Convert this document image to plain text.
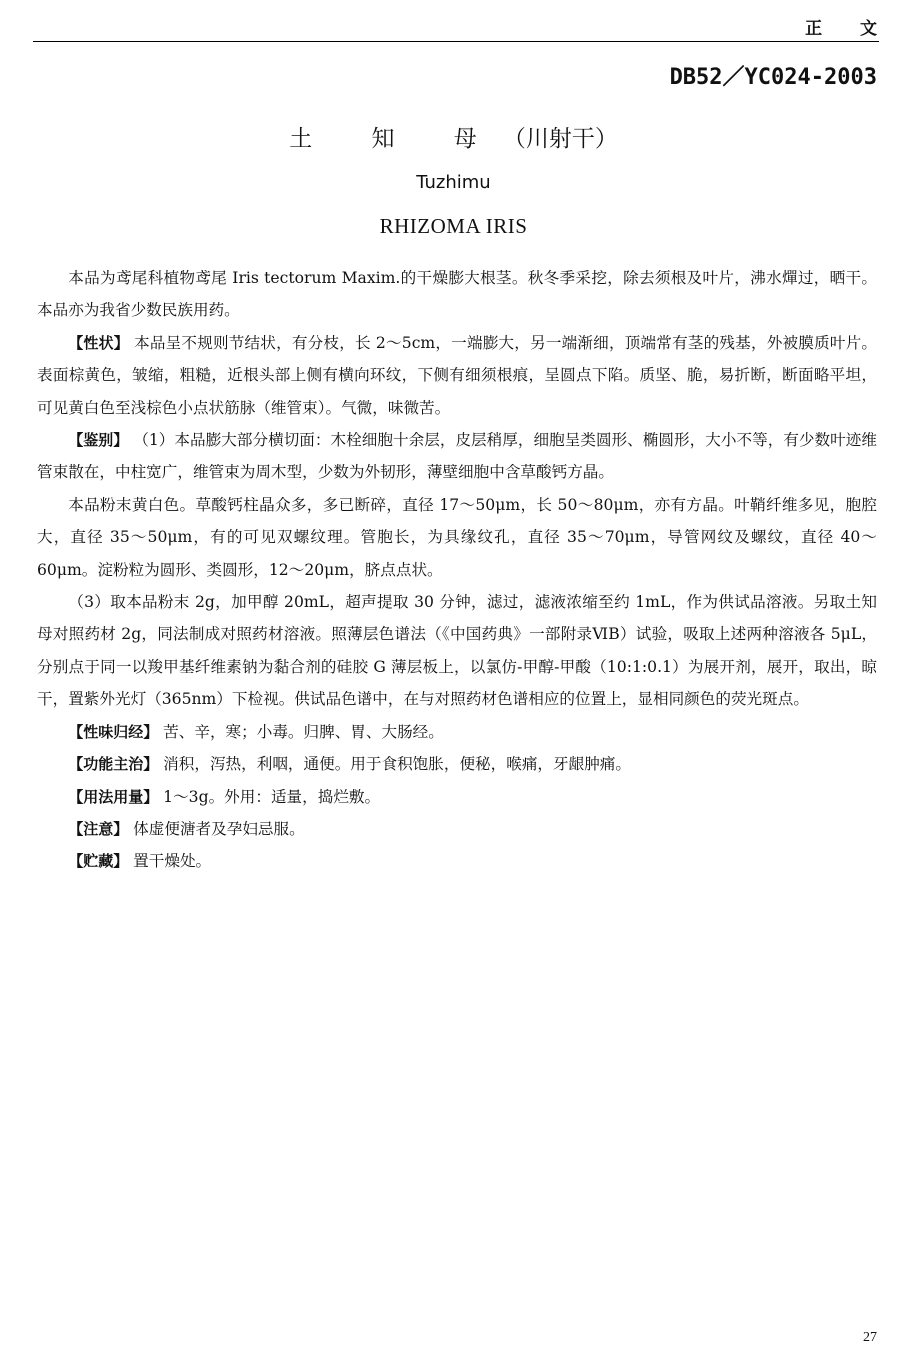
正 文
DB52／YC024-2003
土 知 母（川射干）
Tuzhimu
RHIZOMA IRIS

本品为鸢尾科植物鸢尾 Iris tectorum Maxim.的干燥膨大根茎。秋冬季采挖，除去须根及叶片，沸水燀过，晒干。本品亦为我省少数民族用药。

【性状】 本品呈不规则节结状，有分枝，长 2～5cm，一端膨大，另一端渐细，顶端常有茎的残基，外被膜质叶片。表面棕黄色，皱缩，粗糙，近根头部上侧有横向环纹，下侧有细须根痕，呈圆点下陷。质坚、脆，易折断，断面略平坦，可见黄白色至浅棕色小点状筋脉（维管束）。气微，味微苦。

【鉴别】 （1）本品膨大部分横切面：木栓细胞十余层，皮层稍厚，细胞呈类圆形、椭圆形，大小不等，有少数叶迹维管束散在，中柱宽广，维管束为周木型，少数为外韧形，薄壁细胞中含草酸钙方晶。

本品粉末黄白色。草酸钙柱晶众多，多已断碎，直径 17～50μm，长 50～80μm，亦有方晶。叶鞘纤维多见，胞腔大，直径 35～50μm，有的可见双螺纹理。管胞长，为具缘纹孔，直径 35～70μm，导管网纹及螺纹，直径 40～60μm。淀粉粒为圆形、类圆形，12～20μm，脐点点状。

（3）取本品粉末 2g，加甲醇 20mL，超声提取 30 分钟，滤过，滤液浓缩至约 1mL，作为供试品溶液。另取土知母对照药材 2g，同法制成对照药材溶液。照薄层色谱法（《中国药典》一部附录ⅥB）试验，吸取上述两种溶液各 5μL，分别点于同一以羧甲基纤维素钠为黏合剂的硅胶 G 薄层板上，以氯仿-甲醇-甲酸（10:1:0.1）为展开剂，展开，取出，晾干，置紫外光灯（365nm）下检视。供试品色谱中，在与对照药材色谱相应的位置上，显相同颜色的荧光斑点。

【性味归经】 苦、辛，寒；小毒。归脾、胃、大肠经。

【功能主治】 消积，泻热，利咽，通便。用于食积饱胀，便秘，喉痛，牙龈肿痛。

【用法用量】 1～3g。外用：适量，捣烂敷。

【注意】 体虚便溏者及孕妇忌服。

【贮藏】 置干燥处。

27
